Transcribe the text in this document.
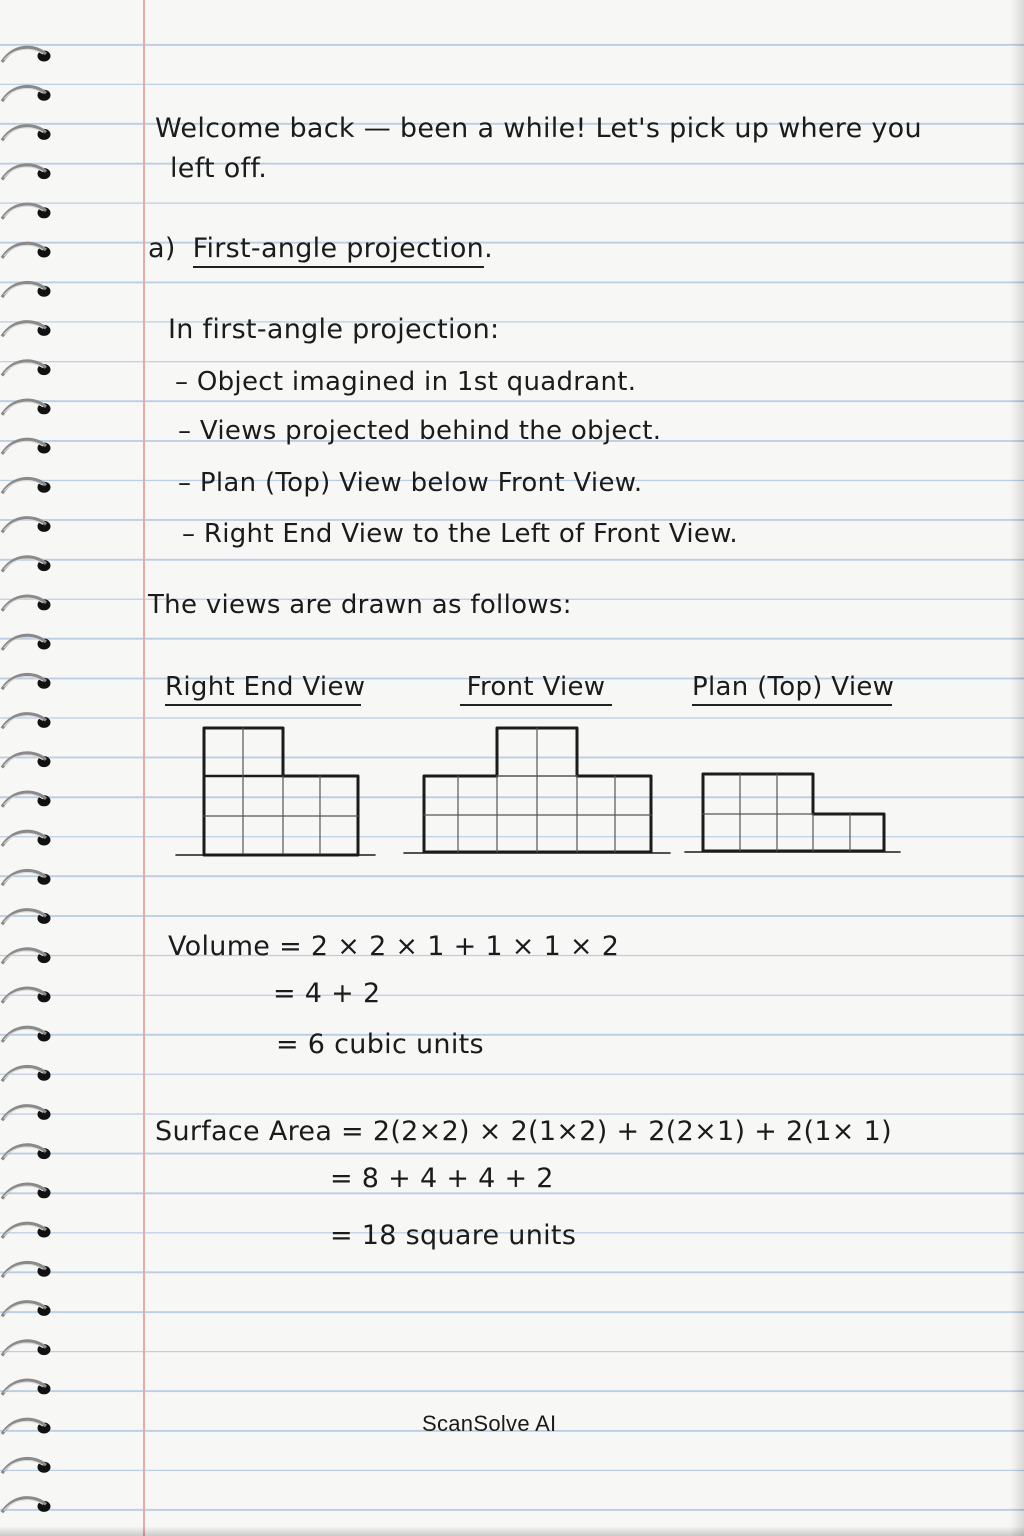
Welcome back — been a while! Let's pick up where you
left off.
a) First-angle projection.
In first-angle projection:
– Object imagined in 1st quadrant.
– Views projected behind the object.
– Plan (Top) View below Front View.
– Right End View to the Left of Front View.
The views are drawn as follows:
Right End View	Front View	Plan (Top) View
Volume = 2 × 2 × 1 + 1 × 1 × 2
= 4 + 2
= 6 cubic units
Surface Area = 2(2×2) × 2(1×2) + 2(2×1) + 2(1× 1)
= 8 + 4 + 4 + 2
= 18 square units
ScanSolve AI
